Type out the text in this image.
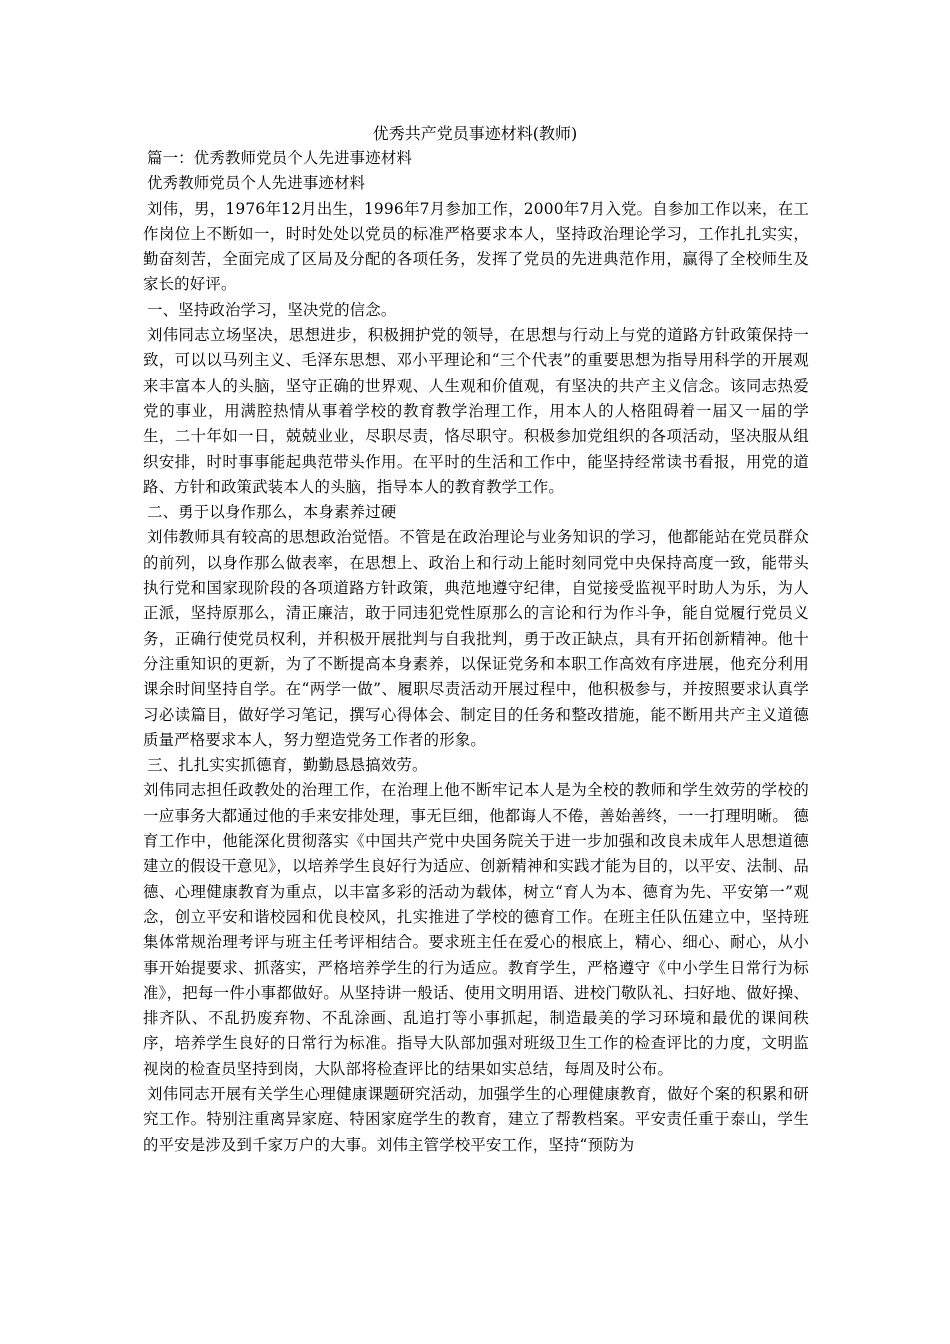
优秀共产党员事迹材料(教师)

篇一：优秀教师党员个人先进事迹材料

优秀教师党员个人先进事迹材料

刘伟，男，1976年12月出生，1996年7月参加工作，2000年7月入党。自参加工作以来，在工作岗位上不断如一，时时处处以党员的标准严格要求本人，坚持政治理论学习，工作扎扎实实，勤奋刻苦，全面完成了区局及分配的各项任务，发挥了党员的先进典范作用，赢得了全校师生及家长的好评。

一、坚持政治学习，坚决党的信念。

刘伟同志立场坚决，思想进步，积极拥护党的领导，在思想与行动上与党的道路方针政策保持一致，可以以马列主义、毛泽东思想、邓小平理论和“三个代表”的重要思想为指导用科学的开展观来丰富本人的头脑，坚守正确的世界观、人生观和价值观，有坚决的共产主义信念。该同志热爱党的事业，用满腔热情从事着学校的教育教学治理工作，用本人的人格阻碍着一届又一届的学生，二十年如一日，兢兢业业，尽职尽责，恪尽职守。积极参加党组织的各项活动，坚决服从组织安排，时时事事能起典范带头作用。在平时的生活和工作中，能坚持经常读书看报，用党的道路、方针和政策武装本人的头脑，指导本人的教育教学工作。

二、勇于以身作那么，本身素养过硬

刘伟教师具有较高的思想政治觉悟。不管是在政治理论与业务知识的学习，他都能站在党员群众的前列，以身作那么做表率，在思想上、政治上和行动上能时刻同党中央保持高度一致，能带头执行党和国家现阶段的各项道路方针政策，典范地遵守纪律，自觉接受监视平时助人为乐，为人正派，坚持原那么，清正廉洁，敢于同违犯党性原那么的言论和行为作斗争，能自觉履行党员义务，正确行使党员权利，并积极开展批判与自我批判，勇于改正缺点，具有开拓创新精神。他十分注重知识的更新，为了不断提高本身素养，以保证党务和本职工作高效有序进展，他充分利用课余时间坚持自学。在“两学一做”、履职尽责活动开展过程中，他积极参与，并按照要求认真学习必读篇目，做好学习笔记，撰写心得体会、制定目的任务和整改措施，能不断用共产主义道德质量严格要求本人，努力塑造党务工作者的形象。

三、扎扎实实抓德育，勤勤恳恳搞效劳。

刘伟同志担任政教处的治理工作，在治理上他不断牢记本人是为全校的教师和学生效劳的学校的一应事务大都通过他的手来安排处理，事无巨细，他都诲人不倦，善始善终，一一打理明晰。 德育工作中，他能深化贯彻落实《中国共产党中央国务院关于进一步加强和改良未成年人思想道德建立的假设干意见》，以培养学生良好行为适应、创新精神和实践才能为目的，以平安、法制、品德、心理健康教育为重点，以丰富多彩的活动为载体，树立“育人为本、德育为先、平安第一”观念，创立平安和谐校园和优良校风，扎实推进了学校的德育工作。在班主任队伍建立中，坚持班集体常规治理考评与班主任考评相结合。要求班主任在爱心的根底上，精心、细心、耐心，从小事开始提要求、抓落实，严格培养学生的行为适应。教育学生，严格遵守《中小学生日常行为标准》，把每一件小事都做好。从坚持讲一般话、使用文明用语、进校门敬队礼、扫好地、做好操、排齐队、不乱扔废弃物、不乱涂画、乱追打等小事抓起，制造最美的学习环境和最优的课间秩序，培养学生良好的日常行为标准。指导大队部加强对班级卫生工作的检查评比的力度，文明监视岗的检查员坚持到岗，大队部将检查评比的结果如实总结，每周及时公布。

刘伟同志开展有关学生心理健康课题研究活动，加强学生的心理健康教育，做好个案的积累和研究工作。特别注重离异家庭、特困家庭学生的教育，建立了帮教档案。平安责任重于泰山，学生的平安是涉及到千家万户的大事。刘伟主管学校平安工作，坚持“预防为
